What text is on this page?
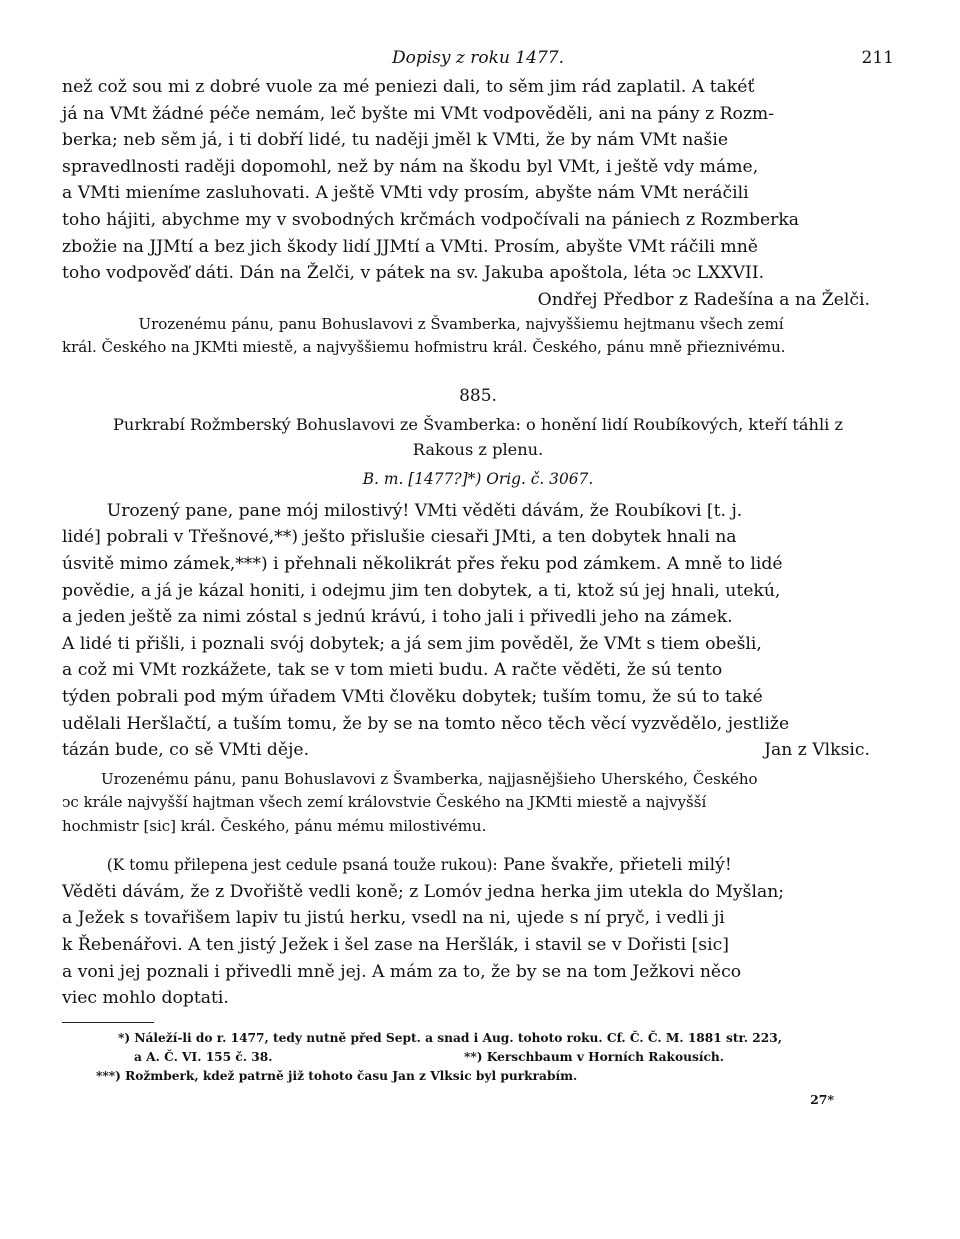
Dopisy z roku 1477.	211
než což sou mi z dobré vuole za mé peniezi dali, to sěm jim rád zaplatil. A takéť
já na VMt žádné péče nemám, leč byšte mi VMt vodpověděli, ani na pány z Rozm-
berka; neb sěm já, i ti dobří lidé, tu naději jměl k VMti, že by nám VMt našie
spravedlnosti raději dopomohl, než by nám na škodu byl VMt, i ještě vdy máme,
a VMti mieníme zasluhovati. A ještě VMti vdy prosím, abyšte nám VMt neráčili
toho hájiti, abychme my v svobodných krčmách vodpočívali na pániech z Rozmberka
zbožie na JJMtí a bez jich škody lidí JJMtí a VMti. Prosím, abyšte VMt ráčili mně
toho vodpověď dáti. Dán na Želči, v pátek na sv. Jakuba apoštola, léta ↄc LXXVII.
Ondřej Předbor z Radešína a na Želči.
Urozenému pánu, panu Bohuslavovi z Švamberka, najvyššiemu hejtmanu všech zemí
král. Českého na JKMti miestě, a najvyššiemu hofmistru král. Českého, pánu mně přieznivému.
885.
Purkrabí Rožmberský Bohuslavovi ze Švamberka: o honění lidí Roubíkových, kteří táhli z Rakous z plenu.
B. m. [1477?]*) Orig. č. 3067.
Urozený pane, pane mój milostivý! VMti věděti dávám, že Roubíkovi [t. j.
lidé] pobrali v Třešnové,**) ješto přislušie ciesaři JMti, a ten dobytek hnali na
úsvitě mimo zámek,***) i přehnali několikrát přes řeku pod zámkem. A mně to lidé
povědie, a já je kázal honiti, i odejmu jim ten dobytek, a ti, ktož sú jej hnali, utekú,
a jeden ještě za nimi zóstal s jednú krávú, i toho jali i přivedli jeho na zámek.
A lidé ti přišli, i poznali svój dobytek; a já sem jim pověděl, že VMt s tiem obešli,
a což mi VMt rozkážete, tak se v tom mieti budu. A račte věděti, že sú tento
týden pobrali pod mým úřadem VMti člověku dobytek; tuším tomu, že sú to také
udělali Heršlačtí, a tuším tomu, že by se na tomto něco těch věcí vyzvědělo, jestliže
tázán bude, co sě VMti děje.	Jan z Vlksic.
Urozenému pánu, panu Bohuslavovi z Švamberka, najjasnějšieho Uherského, Českého
ↄc krále najvyšší hajtman všech zemí královstvie Českého na JKMti miestě a najvyšší
hochmistr [sic] král. Českého, pánu mému milostivému.
(K tomu přilepena jest cedule psaná touže rukou): Pane švakře, přieteli milý!
Věděti dávám, že z Dvořiště vedli koně; z Lomóv jedna herka jim utekla do Myšlan;
a Ježek s tovařišem lapiv tu jistú herku, vsedl na ni, ujede s ní pryč, i vedli ji
k Řebenářovi. A ten jistý Ježek i šel zase na Heršlák, i stavil se v Dořisti [sic]
a voni jej poznali i přivedli mně jej. A mám za to, že by se na tom Ježkovi něco
viec mohlo doptati.
*) Náleží-li do r. 1477, tedy nutně před Sept. a snad i Aug. tohoto roku. Cf. Č. Č. M. 1881 str. 223,
a A. Č. VI. 155 č. 38.	**) Kerschbaum v Horních Rakousích.
***) Rožmberk, kdež patrně již tohoto času Jan z Vlksic byl purkrabím.
27*
